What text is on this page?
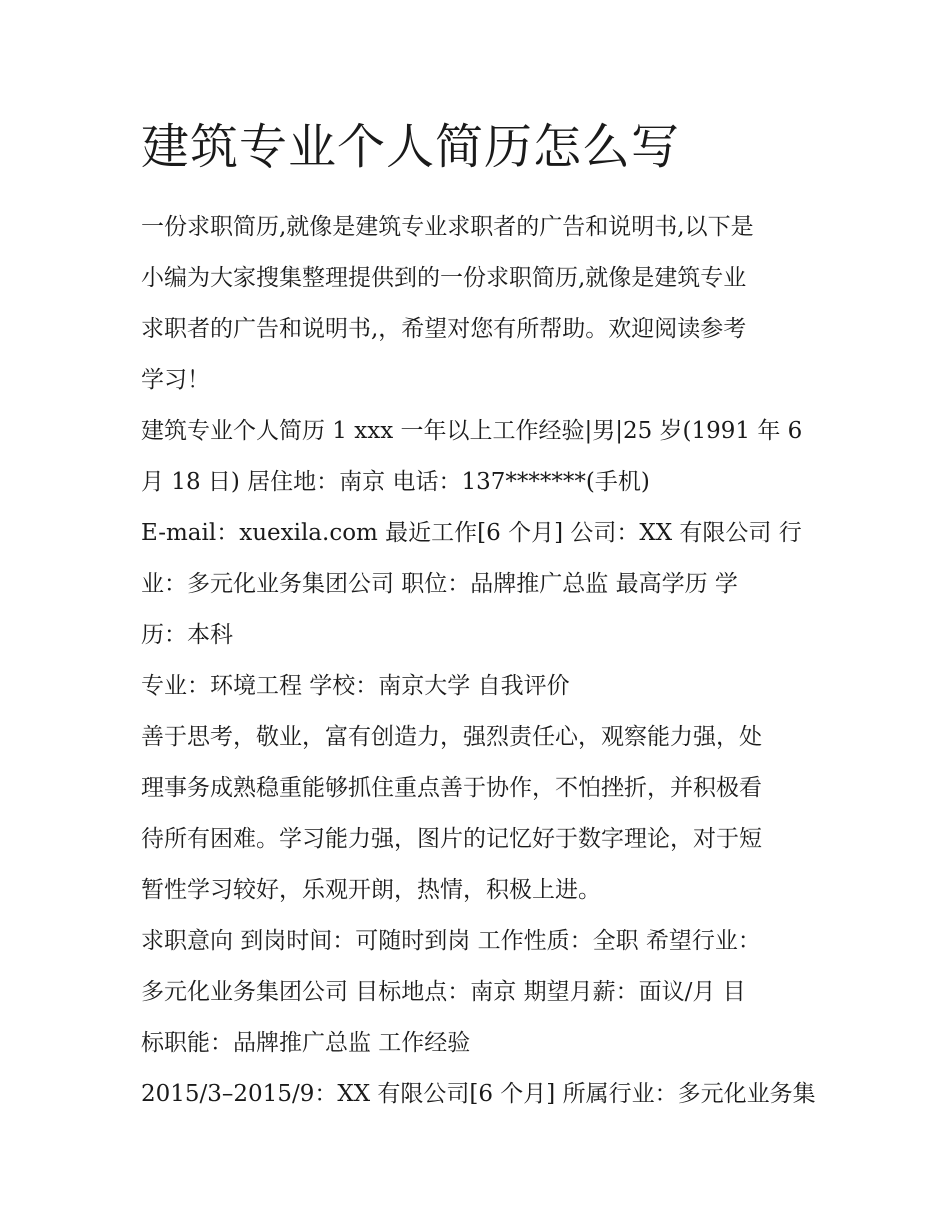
建筑专业个人简历怎么写

一份求职简历,就像是建筑专业求职者的广告和说明书,以下是

小编为大家搜集整理提供到的一份求职简历,就像是建筑专业

求职者的广告和说明书,，希望对您有所帮助。欢迎阅读参考

学习！

建筑专业个人简历 1 xxx 一年以上工作经验|男|25 岁(1991 年 6

月 18 日) 居住地：南京 电话：137*******(手机)

E-mail：xuexila.com 最近工作[6 个月] 公司：XX 有限公司 行

业：多元化业务集团公司 职位：品牌推广总监 最高学历 学

历：本科

专业：环境工程 学校：南京大学 自我评价

善于思考，敬业，富有创造力，强烈责任心，观察能力强，处

理事务成熟稳重能够抓住重点善于协作，不怕挫折，并积极看

待所有困难。学习能力强，图片的记忆好于数字理论，对于短

暂性学习较好，乐观开朗，热情，积极上进。

求职意向 到岗时间：可随时到岗 工作性质：全职 希望行业：

多元化业务集团公司 目标地点：南京 期望月薪：面议/月 目

标职能：品牌推广总监 工作经验

2015/3–2015/9：XX 有限公司[6 个月] 所属行业：多元化业务集
